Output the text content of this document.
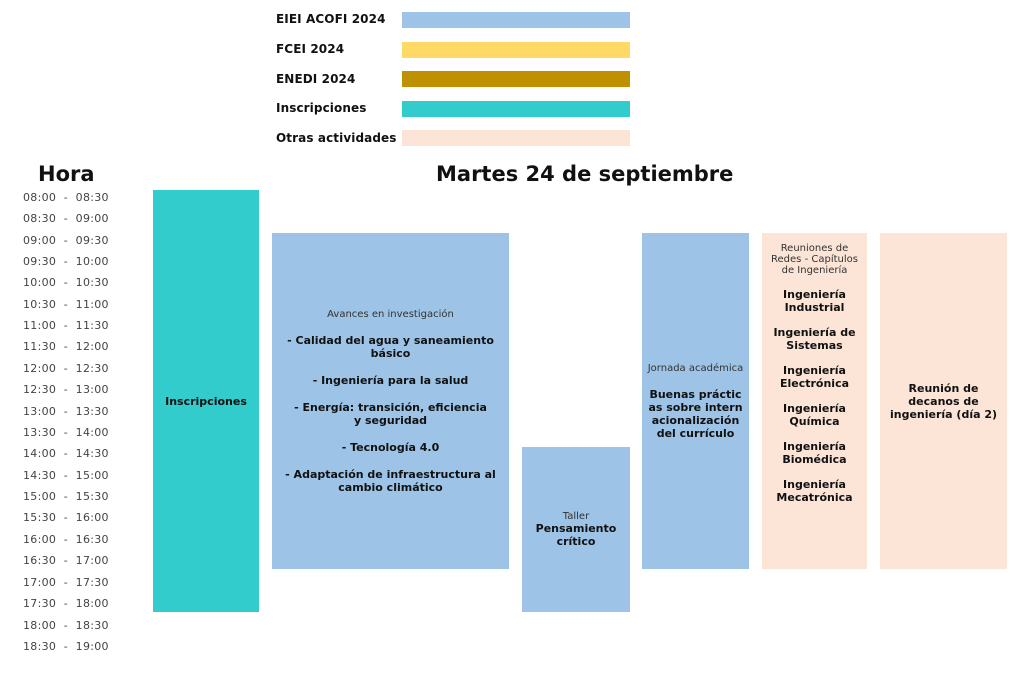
EIEI ACOFI 2024
FCEI 2024
ENEDI 2024
Inscripciones
Otras actividades
Hora	Martes 24 de septiembre
08:00  -  08:30
08:30  -  09:00
09:00  -  09:30
09:30  -  10:00
10:00  -  10:30
10:30  -  11:00
11:00  -  11:30
11:30  -  12:00
12:00  -  12:30
12:30  -  13:00
13:00  -  13:30
13:30  -  14:00
14:00  -  14:30
14:30  -  15:00
15:00  -  15:30
15:30  -  16:00
16:00  -  16:30
16:30  -  17:00
17:00  -  17:30
17:30  -  18:00
18:00  -  18:30
18:30  -  19:00
Inscripciones
Avances en investigación
- Calidad del agua y saneamiento básico
- Ingeniería para la salud
- Energía: transición, eficiencia y seguridad
- Tecnología 4.0
- Adaptación de infraestructura al cambio climático
Taller
Pensamiento crítico
Jornada académica
Buenas prácticas sobre internacionalización del currículo
Reuniones de Redes - Capítulos de Ingeniería
Ingeniería Industrial
Ingeniería de Sistemas
Ingeniería Electrónica
Ingeniería Química
Ingeniería Biomédica
Ingeniería Mecatrónica
Reunión de decanos de ingeniería (día 2)
